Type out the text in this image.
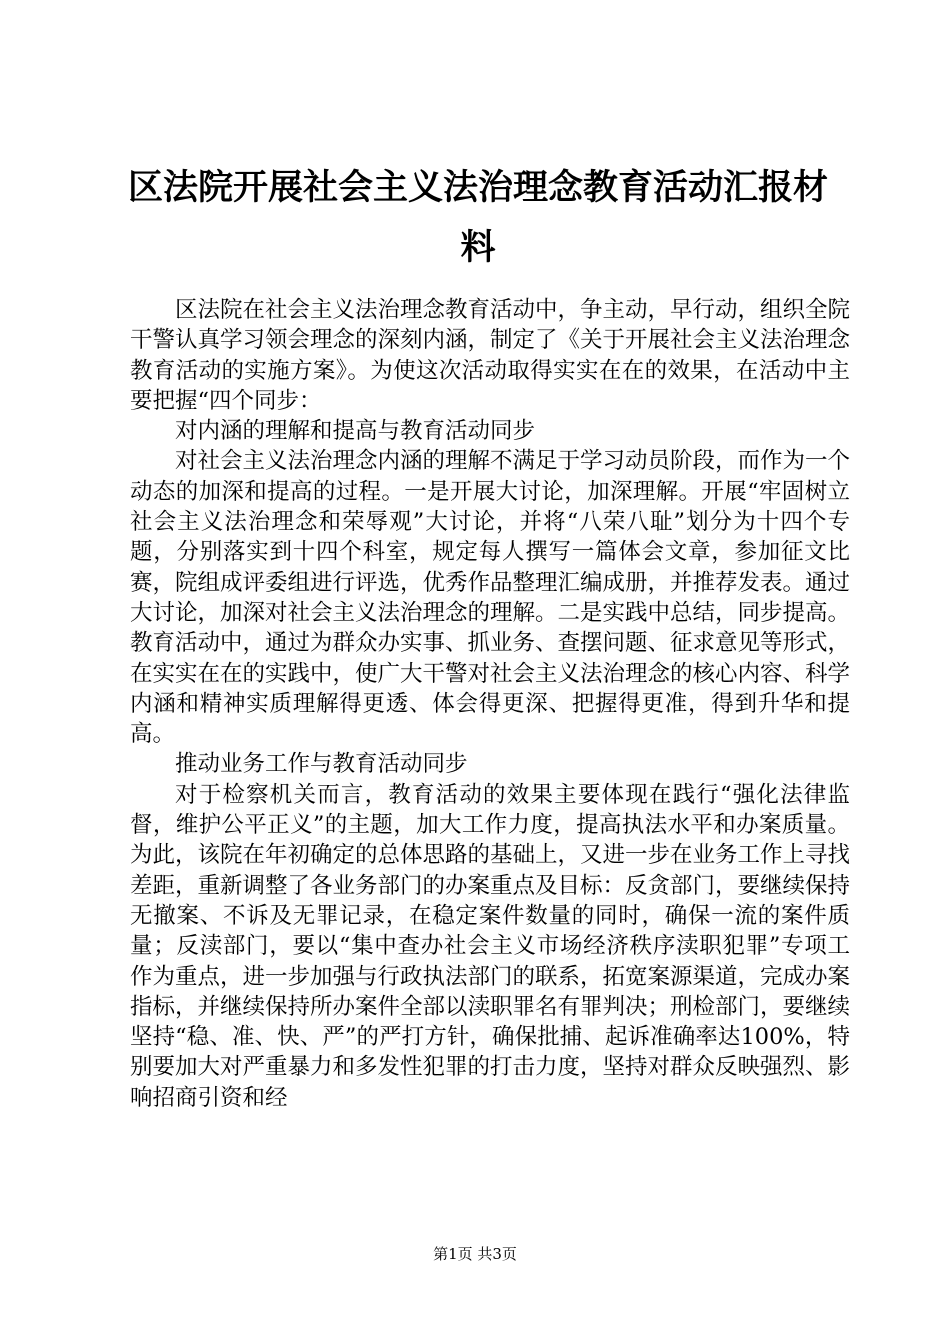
区法院开展社会主义法治理念教育活动汇报材料

区法院在社会主义法治理念教育活动中，争主动，早行动，组织全院干警认真学习领会理念的深刻内涵，制定了《关于开展社会主义法治理念教育活动的实施方案》。为使这次活动取得实实在在的效果，在活动中主要把握“四个同步：

对内涵的理解和提高与教育活动同步

对社会主义法治理念内涵的理解不满足于学习动员阶段，而作为一个动态的加深和提高的过程。一是开展大讨论，加深理解。开展“牢固树立社会主义法治理念和荣辱观”大讨论，并将“八荣八耻”划分为十四个专题，分别落实到十四个科室，规定每人撰写一篇体会文章，参加征文比赛，院组成评委组进行评选，优秀作品整理汇编成册，并推荐发表。通过大讨论，加深对社会主义法治理念的理解。二是实践中总结，同步提高。教育活动中，通过为群众办实事、抓业务、查摆问题、征求意见等形式，在实实在在的实践中，使广大干警对社会主义法治理念的核心内容、科学内涵和精神实质理解得更透、体会得更深、把握得更准，得到升华和提高。

推动业务工作与教育活动同步

对于检察机关而言，教育活动的效果主要体现在践行“强化法律监督，维护公平正义”的主题，加大工作力度，提高执法水平和办案质量。为此，该院在年初确定的总体思路的基础上，又进一步在业务工作上寻找差距，重新调整了各业务部门的办案重点及目标：反贪部门，要继续保持无撤案、不诉及无罪记录，在稳定案件数量的同时，确保一流的案件质量；反渎部门，要以“集中查办社会主义市场经济秩序渎职犯罪”专项工作为重点，进一步加强与行政执法部门的联系，拓宽案源渠道，完成办案指标，并继续保持所办案件全部以渎职罪名有罪判决；刑检部门，要继续坚持“稳、准、快、严”的严打方针，确保批捕、起诉准确率达100%，特别要加大对严重暴力和多发性犯罪的打击力度，坚持对群众反映强烈、影响招商引资和经

第1页 共3页
